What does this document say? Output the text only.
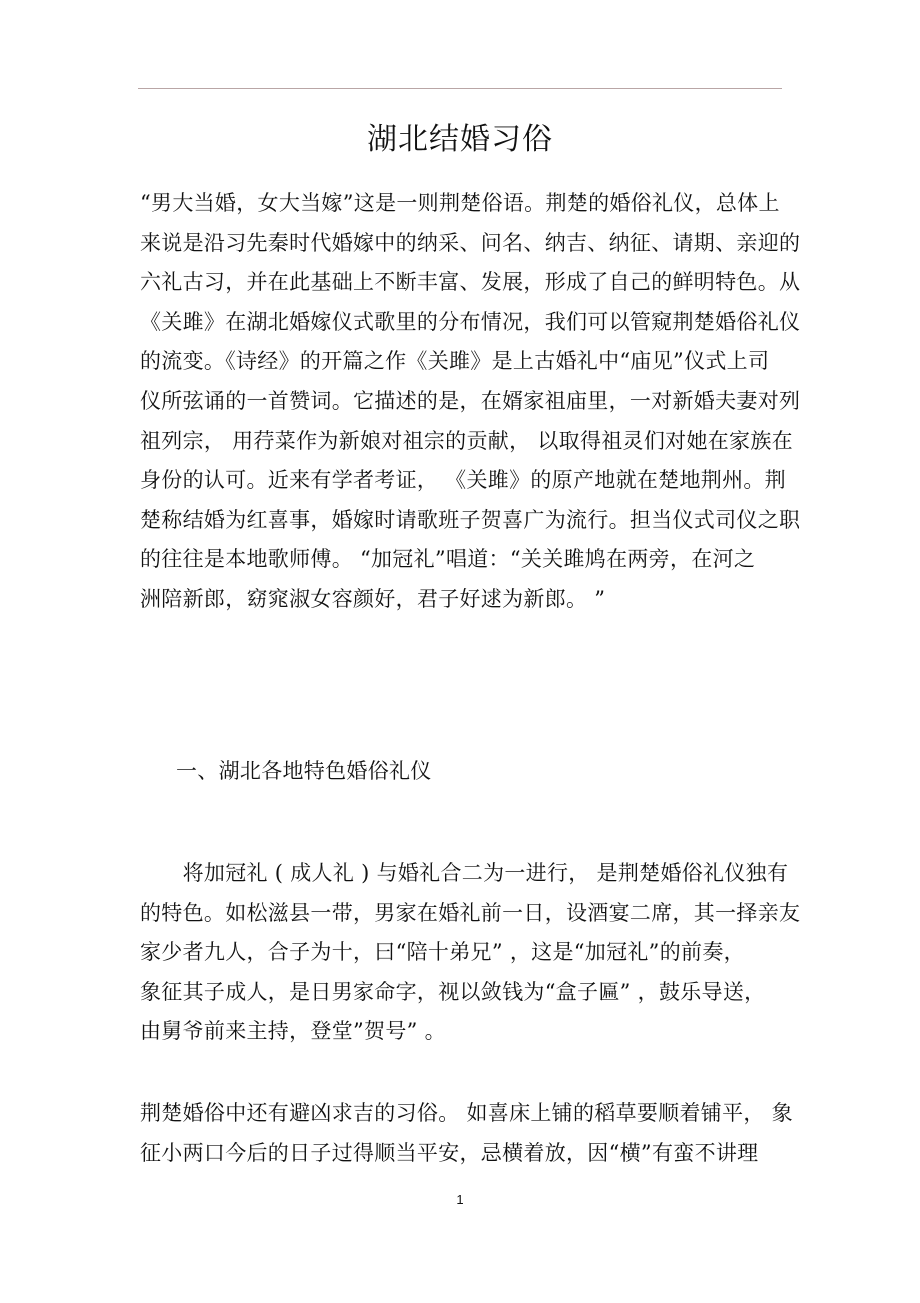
湖北结婚习俗
“男大当婚，女大当嫁”这是一则荆楚俗语。荆楚的婚俗礼仪，总体上
来说是沿习先秦时代婚嫁中的纳采、问名、纳吉、纳征、请期、亲迎的
六礼古习，并在此基础上不断丰富、发展，形成了自己的鲜明特色。从
《关雎》在湖北婚嫁仪式歌里的分布情况，我们可以管窥荆楚婚俗礼仪
的流变。《诗经》的开篇之作《关雎》是上古婚礼中“庙见”仪式上司
仪所弦诵的一首赞词。它描述的是，在婿家祖庙里，一对新婚夫妻对列
祖列宗， 用荇菜作为新娘对祖宗的贡献， 以取得祖灵们对她在家族在
身份的认可。近来有学者考证， 《关雎》的原产地就在楚地荆州。荆
楚称结婚为红喜事，婚嫁时请歌班子贺喜广为流行。担当仪式司仪之职
的往往是本地歌师傅。 “加冠礼”唱道：“关关雎鸠在两旁，在河之
洲陪新郎，窈窕淑女容颜好，君子好逑为新郎。 ”
一、湖北各地特色婚俗礼仪
　　将加冠礼 ( 成人礼 ) 与婚礼合二为一进行， 是荆楚婚俗礼仪独有
的特色。如松滋县一带，男家在婚礼前一日，设酒宴二席，其一择亲友
家少者九人，合子为十，曰“陪十弟兄” ，这是“加冠礼”的前奏，
象征其子成人，是日男家命字，视以敛钱为“盒子匾” ，鼓乐导送，
由舅爷前来主持，登堂”贺号” 。
荆楚婚俗中还有避凶求吉的习俗。 如喜床上铺的稻草要顺着铺平， 象
征小两口今后的日子过得顺当平安，忌横着放，因“横”有蛮不讲理
1
